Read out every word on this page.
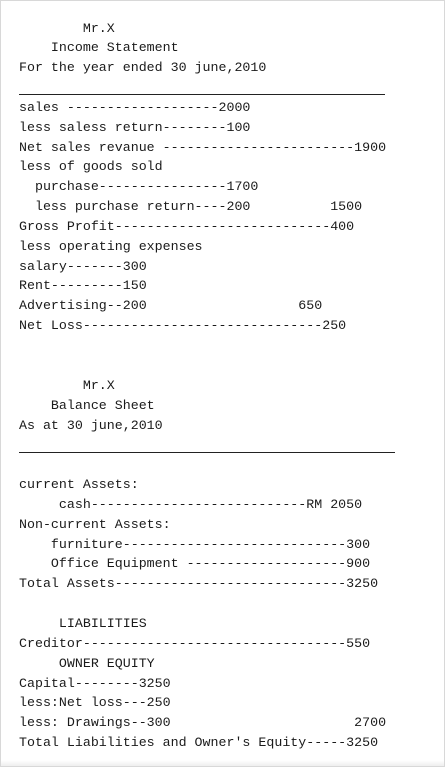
Mr.X
Income Statement
For the year ended 30 june,2010
sales -------------------2000
less saless return--------100
Net sales revanue ------------------------1900
less of goods sold
purchase----------------1700
less purchase return----200          1500
Gross Profit---------------------------400
less operating expenses
salary-------300
Rent---------150
Advertising--200                   650
Net Loss------------------------------250
Mr.X
Balance Sheet
As at 30 june,2010
current Assets:
cash---------------------------RM 2050
Non-current Assets:
furniture----------------------------300
Office Equipment --------------------900
Total Assets-----------------------------3250
LIABILITIES
Creditor---------------------------------550
OWNER EQUITY
Capital--------3250
less:Net loss---250
less: Drawings--300                       2700
Total Liabilities and Owner's Equity-----3250
